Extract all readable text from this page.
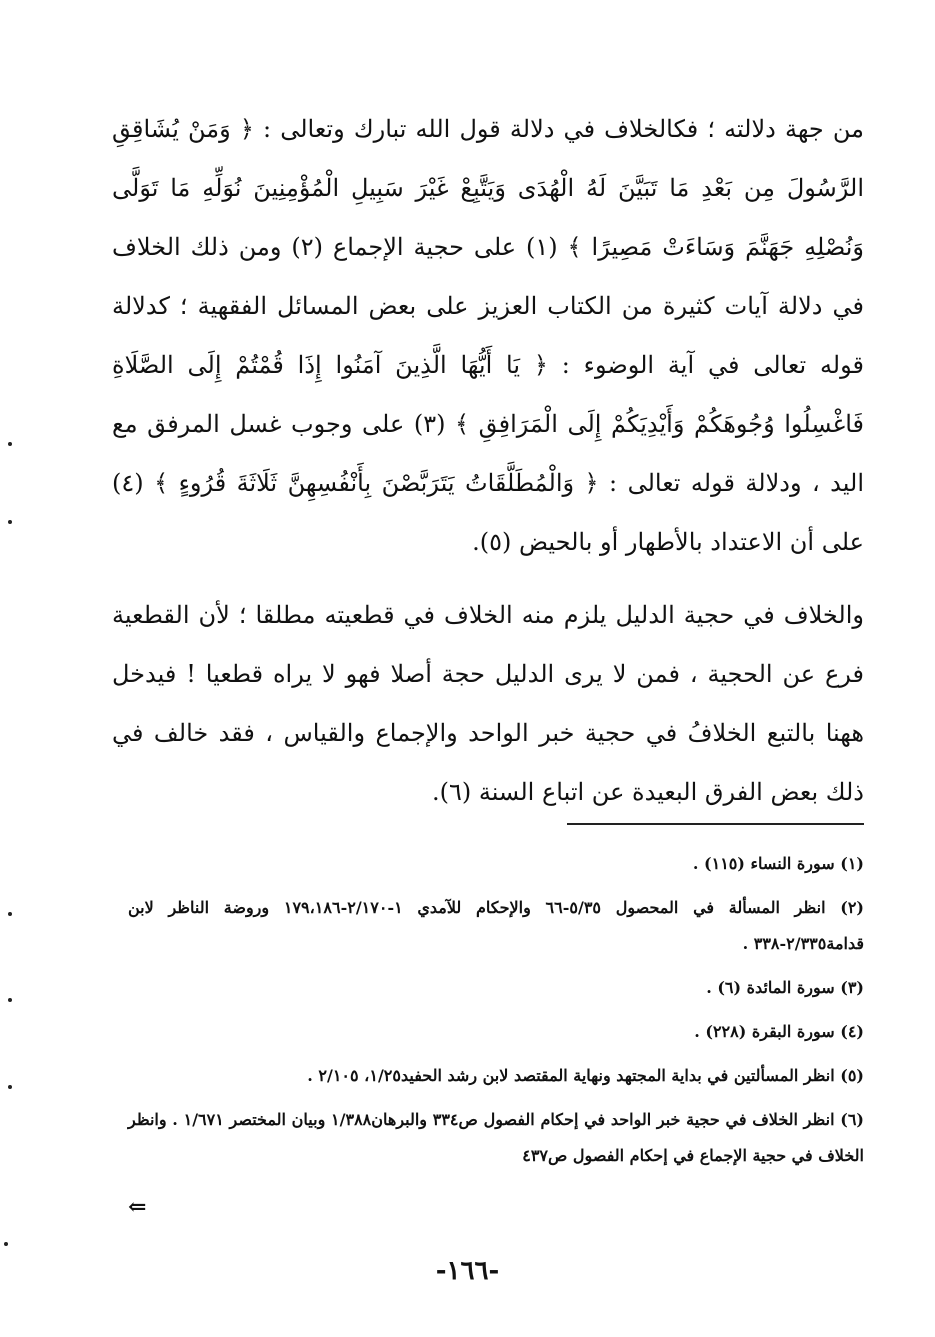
من جهة دلالته ؛ فكالخلاف في دلالة قول الله تبارك وتعالى : ﴿ وَمَنْ يُشَاقِقِ الرَّسُولَ مِن بَعْدِ مَا تَبَيَّنَ لَهُ الْهُدَى وَيَتَّبِعْ غَيْرَ سَبِيلِ الْمُؤْمِنِينَ نُوَلِّهِ مَا تَوَلَّى وَنُصْلِهِ جَهَنَّمَ وَسَاءَتْ مَصِيرًا ﴾ (١) على حجية الإجماع (٢) ومن ذلك الخلاف في دلالة آيات كثيرة من الكتاب العزيز على بعض المسائل الفقهية ؛ كدلالة قوله تعالى في آية الوضوء : ﴿ يَا أَيُّهَا الَّذِينَ آمَنُوا إِذَا قُمْتُمْ إِلَى الصَّلَاةِ فَاغْسِلُوا وُجُوهَكُمْ وَأَيْدِيَكُمْ إِلَى الْمَرَافِقِ ﴾ (٣) على وجوب غسل المرفق مع اليد ، ودلالة قوله تعالى : ﴿ وَالْمُطَلَّقَاتُ يَتَرَبَّصْنَ بِأَنْفُسِهِنَّ ثَلَاثَةَ قُرُوءٍ ﴾ (٤) على أن الاعتداد بالأطهار أو بالحيض (٥).

والخلاف في حجية الدليل يلزم منه الخلاف في قطعيته مطلقا ؛ لأن القطعية فرع عن الحجية ، فمن لا يرى الدليل حجة أصلا فهو لا يراه قطعيا ! فيدخل ههنا بالتبع الخلافُ في حجية خبر الواحد والإجماع والقياس ، فقد خالف في ذلك بعض الفرق البعيدة عن اتباع السنة (٦).

(١) سورة النساء (١١٥) .

(٢) انظر المسألة في المحصول ٥/٣٥-٦٦ والإحكام للآمدي ١-٢/١٧٠-١٧٩،١٨٦ وروضة الناظر لابن قدامة٢/٣٣٥-٣٣٨ .

(٣) سورة المائدة (٦) .

(٤) سورة البقرة (٢٢٨) .

(٥) انظر المسألتين في بداية المجتهد ونهاية المقتصد لابن رشد الحفيد١/٢٥، ٢/١٠٥ .

(٦) انظر الخلاف في حجية خبر الواحد في إحكام الفصول ص٣٣٤ والبرهان١/٣٨٨ وبيان المختصر ١/٦٧١ . وانظر الخلاف في حجية الإجماع في إحكام الفصول ص٤٣٧

⇐
-١٦٦-
